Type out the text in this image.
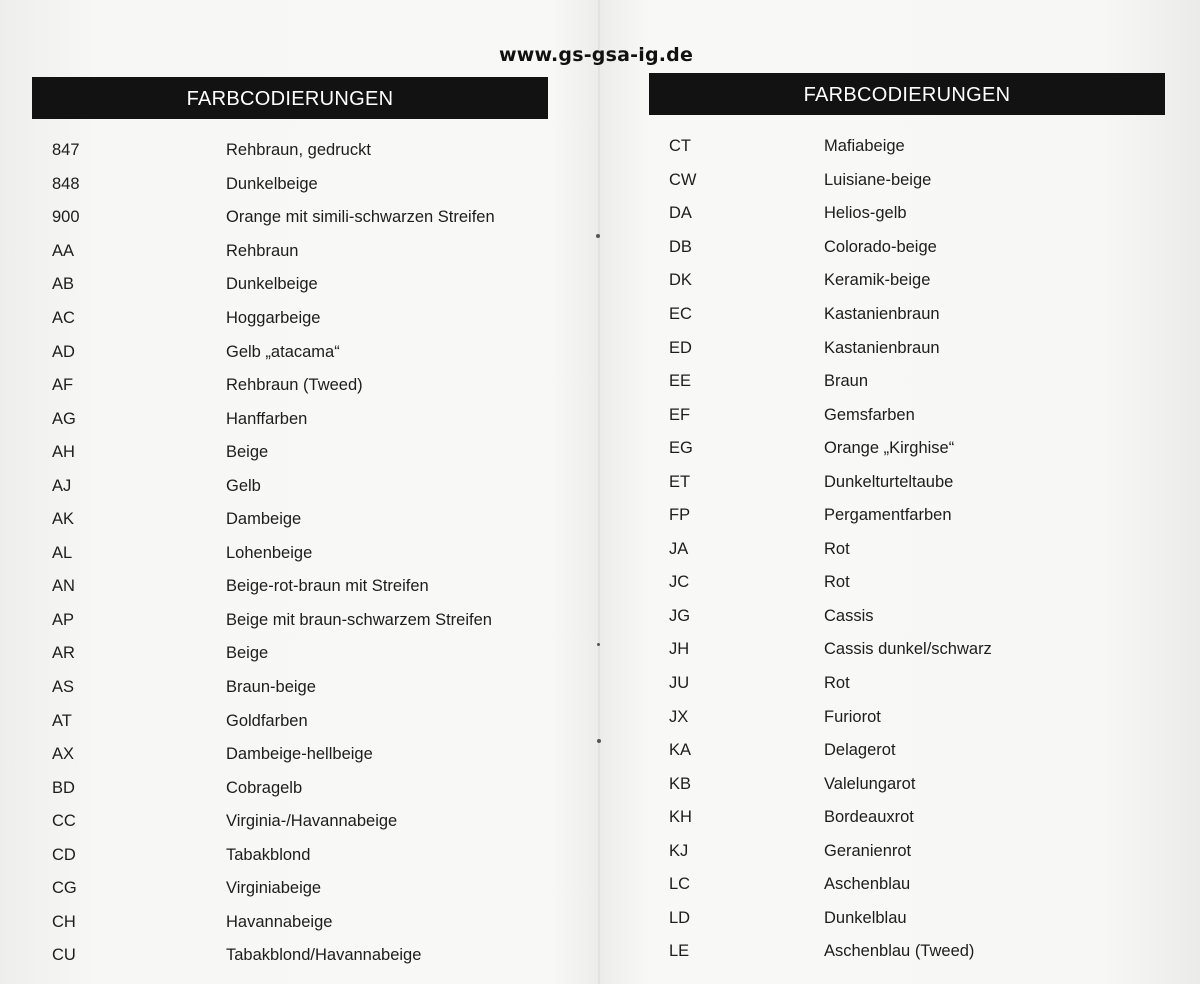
www.gs-gsa-ig.de
FARBCODIERUNGEN
847	Rehbraun, gedruckt
848	Dunkelbeige
900	Orange mit simili-schwarzen Streifen
AA	Rehbraun
AB	Dunkelbeige
AC	Hoggarbeige
AD	Gelb „atacama“
AF	Rehbraun (Tweed)
AG	Hanffarben
AH	Beige
AJ	Gelb
AK	Dambeige
AL	Lohenbeige
AN	Beige-rot-braun mit Streifen
AP	Beige mit braun-schwarzem Streifen
AR	Beige
AS	Braun-beige
AT	Goldfarben
AX	Dambeige-hellbeige
BD	Cobragelb
CC	Virginia-/Havannabeige
CD	Tabakblond
CG	Virginiabeige
CH	Havannabeige
CU	Tabakblond/Havannabeige
FARBCODIERUNGEN
CT	Mafiabeige
CW	Luisiane-beige
DA	Helios-gelb
DB	Colorado-beige
DK	Keramik-beige
EC	Kastanienbraun
ED	Kastanienbraun
EE	Braun
EF	Gemsfarben
EG	Orange „Kirghise“
ET	Dunkelturteltaube
FP	Pergamentfarben
JA	Rot
JC	Rot
JG	Cassis
JH	Cassis dunkel/schwarz
JU	Rot
JX	Furiorot
KA	Delagerot
KB	Valelungarot
KH	Bordeauxrot
KJ	Geranienrot
LC	Aschenblau
LD	Dunkelblau
LE	Aschenblau (Tweed)
